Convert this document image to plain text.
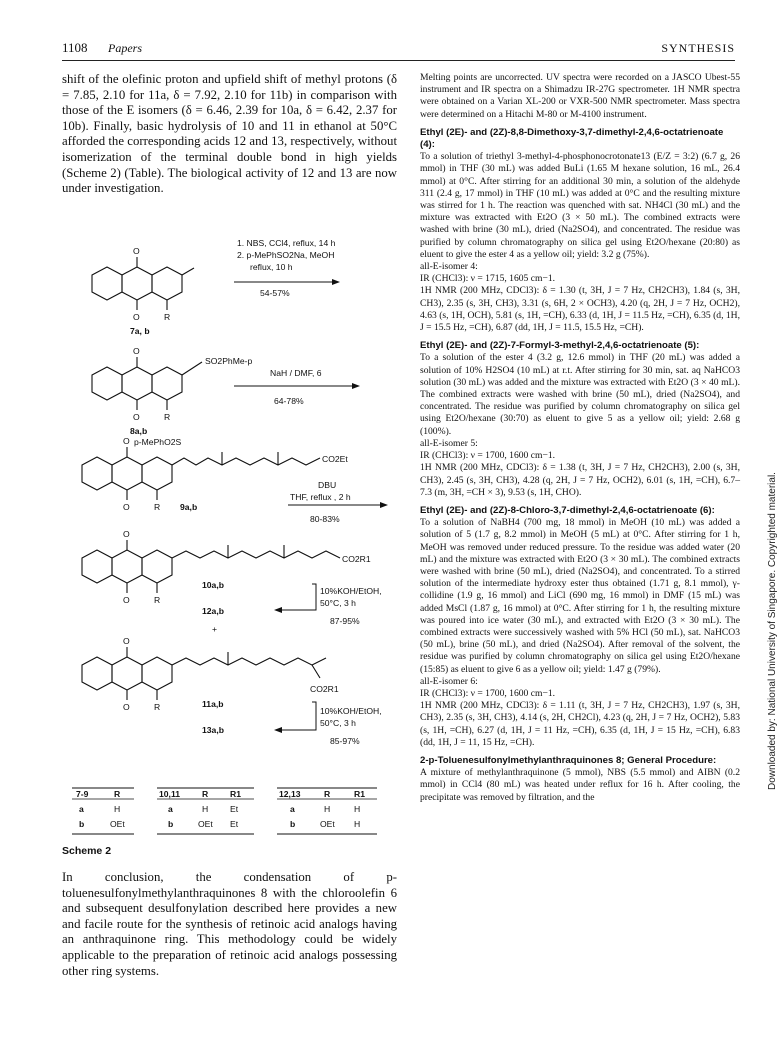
1108 Papers	SYNTHESIS

shift of the olefinic proton and upfield shift of methyl protons (δ = 7.85, 2.10 for 11a, δ = 7.92, 2.10 for 11b) in comparison with those of the E isomers (δ = 6.46, 2.39 for 10a, δ = 6.42, 2.37 for 10b). Finally, basic hydrolysis of 10 and 11 in ethanol at 50°C afforded the corresponding acids 12 and 13, respectively, without isomerization of the terminal double bond in high yields (Scheme 2) (Table). The biological activity of 12 and 13 are now under investigation.

O
O	R
7a, b
1. NBS, CCl4, reflux, 14 h
2. p-MePhSO2Na, MeOH
reflux, 10 h
54-57%
O
O	R
SO2PhMe-p
8a,b
NaH / DMF, 6
64-78%
O
O	R
p-MePhO2S
CO2Et
9a,b
DBU
THF, reflux , 2 h
80-83%
O
O	R
CO2R1
10a,b
12a,b
10%KOH/EtOH,
50°C, 3 h
87-95%
+
O
O	R
CO2R1
11a,b
13a,b
10%KOH/EtOH,
50°C, 3 h
85-97%
7-9	R
a	H
b	OEt
10,11	R	R1
a	H	Et
b	OEt Et
12,13	R	R1
a	H	H
b	OEt H
Scheme 2

In conclusion, the condensation of p-toluenesulfonylmethylanthraquinones 8 with the chloroolefin 6 and subsequent desulfonylation described here provides a new and facile route for the synthesis of retinoic acid analogs having an anthraquinone ring. This methodology could be widely applicable to the preparation of retinoic acid analogs possessing other ring systems.

Melting points are uncorrected. UV spectra were recorded on a JASCO Ubest-55 instrument and IR spectra on a Shimadzu IR-27G spectrometer. 1H NMR spectra were obtained on a Varian XL-200 or VXR-500 NMR spectrometer. Mass spectra were determined on a Hitachi M-80 or M-4100 instrument.

Ethyl (2E)- and (2Z)-8,8-Dimethoxy-3,7-dimethyl-2,4,6-octatrienoate (4):

To a solution of triethyl 3-methyl-4-phosphonocrotonate13 (E/Z = 3:2) (6.7 g, 26 mmol) in THF (30 mL) was added BuLi (1.65 M hexane solution, 16 mL, 26.4 mmol) at 0°C. After stirring for an additional 30 min, a solution of the aldehyde 311 (2.4 g, 17 mmol) in THF (10 mL) was added at 0°C and the resulting mixture was stirred for 1 h. The reaction was quenched with sat. NH4Cl (30 mL) and the mixture was extracted with Et2O (3 × 50 mL). The combined extracts were washed with brine (30 mL), dried (Na2SO4), and concentrated. The residue was purified by column chromatography on silica gel using Et2O/hexane (20:80) as eluent to give the ester 4 as a yellow oil; yield: 3.2 g (75%).

all-E-isomer 4:

IR (CHCl3): ν = 1715, 1605 cm−1.

1H NMR (200 MHz, CDCl3): δ = 1.30 (t, 3H, J = 7 Hz, CH2CH3), 1.84 (s, 3H, CH3), 2.35 (s, 3H, CH3), 3.31 (s, 6H, 2 × OCH3), 4.20 (q, 2H, J = 7 Hz, OCH2), 4.63 (s, 1H, OCH), 5.81 (s, 1H, =CH), 6.33 (d, 1H, J = 11.5 Hz, =CH), 6.35 (d, 1H, J = 15.5 Hz, =CH), 6.87 (dd, 1H, J = 11.5, 15.5 Hz, =CH).

Ethyl (2E)- and (2Z)-7-Formyl-3-methyl-2,4,6-octatrienoate (5):

To a solution of the ester 4 (3.2 g, 12.6 mmol) in THF (20 mL) was added a solution of 10% H2SO4 (10 mL) at r.t. After stirring for 30 min, sat. aq NaHCO3 solution (30 mL) was added and the mixture was extracted with Et2O (3 × 40 mL). The combined extracts were washed with brine (50 mL), dried (Na2SO4), and concentrated. The residue was purified by column chromatography on silica gel using Et2O/hexane (30:70) as eluent to give 5 as a yellow oil; yield: 2.68 g (100%).

all-E-isomer 5:

IR (CHCl3): ν = 1700, 1600 cm−1.

1H NMR (200 MHz, CDCl3): δ = 1.38 (t, 3H, J = 7 Hz, CH2CH3), 2.00 (s, 3H, CH3), 2.45 (s, 3H, CH3), 4.28 (q, 2H, J = 7 Hz, OCH2), 6.01 (s, 1H, =CH), 6.7–7.3 (m, 3H, =CH × 3), 9.53 (s, 1H, CHO).

Ethyl (2E)- and (2Z)-8-Chloro-3,7-dimethyl-2,4,6-octatrienoate (6):

To a solution of NaBH4 (700 mg, 18 mmol) in MeOH (10 mL) was added a solution of 5 (1.7 g, 8.2 mmol) in MeOH (5 mL) at 0°C. After stirring for 1 h, MeOH was removed under reduced pressure. To the residue was added water (20 mL) and the mixture was extracted with Et2O (3 × 30 mL). The combined extracts were washed with brine (50 mL), dried (Na2SO4), and concentrated. To a stirred solution of the intermediate hydroxy ester thus obtained (1.71 g, 8.1 mmol), γ-collidine (1.9 g, 16 mmol) and LiCl (690 mg, 16 mmol) in DMF (15 mL) was added MsCl (1.87 g, 16 mmol) at 0°C. After stirring for 1 h, the resulting mixture was poured into ice water (30 mL), and extracted with Et2O (3 × 30 mL). The combined extracts were successively washed with 5% HCl (50 mL), sat. NaHCO3 (50 mL), brine (50 mL), and dried (Na2SO4). After removal of the solvent, the residue was purified by column chromatography on silica gel using Et2O/hexane (15:85) as eluent to give 6 as a yellow oil; yield: 1.47 g (79%).

all-E-isomer 6:

IR (CHCl3): ν = 1700, 1600 cm−1.

1H NMR (200 MHz, CDCl3): δ = 1.11 (t, 3H, J = 7 Hz, CH2CH3), 1.97 (s, 3H, CH3), 2.35 (s, 3H, CH3), 4.14 (s, 2H, CH2Cl), 4.23 (q, 2H, J = 7 Hz, OCH2), 5.83 (s, 1H, =CH), 6.27 (d, 1H, J = 11 Hz, =CH), 6.35 (d, 1H, J = 15 Hz, =CH), 6.83 (dd, 1H, J = 11, 15 Hz, =CH).

2-p-Toluenesulfonylmethylanthraquinones 8; General Procedure:

A mixture of methylanthraquinone (5 mmol), NBS (5.5 mmol) and AIBN (0.2 mmol) in CCl4 (80 mL) was heated under reflux for 16 h. After cooling, the precipitate was removed by filtration, and the

Downloaded by: National University of Singapore. Copyrighted material.
